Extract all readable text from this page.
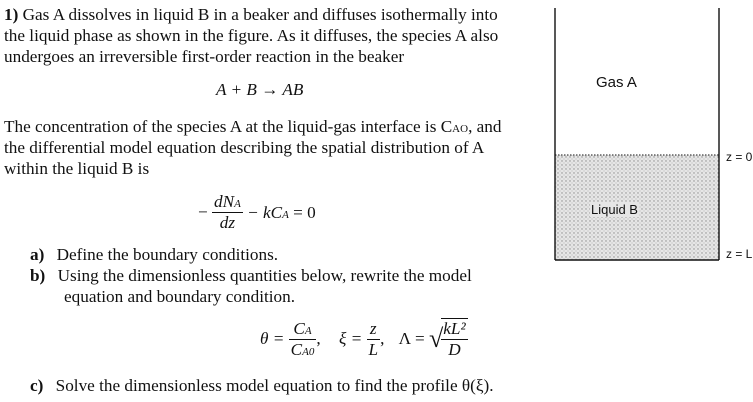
1) Gas A dissolves in liquid B in a beaker and diffuses isothermally into
the liquid phase as shown in the figure. As it diffuses, the species A also
undergoes an irreversible first-order reaction in the beaker
A + B → AB
The concentration of the species A at the liquid-gas interface is CAO, and
the differential model equation describing the spatial distribution of A
within the liquid B is
− $\frac{\text{dNA}}{dz}$ − kCA = 0
a) Define the boundary conditions.
b) Using the dimensionless quantities below, rewrite the model
equation and boundary condition.
$\theta = \frac{CA}{CA0}$ , $\xi = \frac{z}{L}$ , Λ = √
$\frac{\text{kL²}}{D}$
c) Solve the dimensionless model equation to find the profile θ(ξ).
Gas A
Liquid B
z = 0
z = L
